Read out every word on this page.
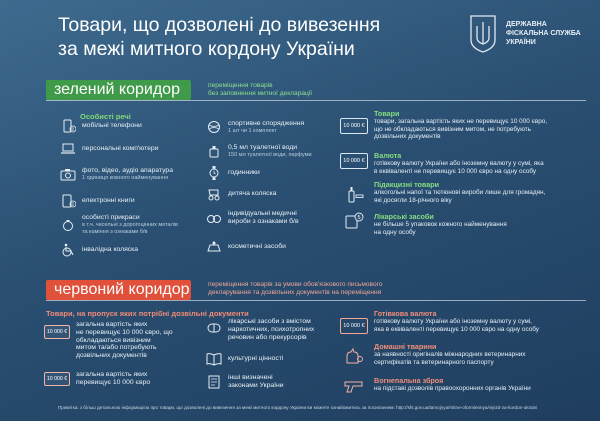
Товари, що дозволені до вивезення
за межі митного кордону України
ДЕРЖАВНА
ФІСКАЛЬНА СЛУЖБА
УКРАЇНИ
зелений коридор	переміщення товарів
без заповнення митної декларації
Особисті речі
2
мобільні телефони
персональні комп'ютери
фото, відео, аудіо апаратура
1 одиниця кожного найменування
2
електронні книги
особисті прикраси
в т.ч. чисельні з дорогоцінних металів та каміння з ознаками б/в
інвалідна коляска
спортивне спорядження
1 шт чи 1 комплект
0,5 мл туалетної води
150 мл туалетної води, парфуми
годинники
дитяча коляска
індивідуальні медичні
вироби з ознаками б/в
косметичні засоби
10 000 €
Товари
товари, загальна вартість яких не перевищує 10 000 євро,
що не обкладаються вивізним митом, не потребують
дозвільних документів
10 000 €
Валюта
готівкову валюту України або іноземну валюту у сумі, яка
в еквіваленті не перевищує 10 000 євро на одну особу
Підакцизні товари
алкогольні напої та тютюнові вироби лише для громадян,
які досягли 18-річного віку
5 Лікарські засоби
не більше 5 упаковок кожного найменування
на одну особу
червоний коридор	переміщення товарів за умови обов'язкового письмового
декларування та дозвільних документів на переміщення
Товари, на пропуск яких потрібні дозвільні документи
10 000 €
загальна вартість яких
не перевищує 10 000 євро, що
обкладаються вивізним
митом та/або потребують
дозвільних документів
10 000 €
загальна вартість яких
перевищує 10 000 євро
лікарські засоби з вмістом
наркотичних, психотропних
речовин або прекурсорів
культурні цінності
інші визначені
законами України
10 000 €
Готівкова валюта
готівкову валюту України або іноземну валюту у сумі,
яка в еквіваленті перевищує 10 000 євро на одну особу
Домашні тварини
за наявності оригіналів міжнародних ветеринарних
сертифікатів та ветеринарного паспорту
Вогнепальна зброя
на підставі дозволів правоохоронних органів України
Примітка: з більш детальною інформацією про товари, що дозволені до вивезення за межі митного кордону України ви можете ознайомитись за посиланням: http://sfs.gov.ua/tamojnya/mitne-oformlennya/viyizd-za-kordon-ukraini
